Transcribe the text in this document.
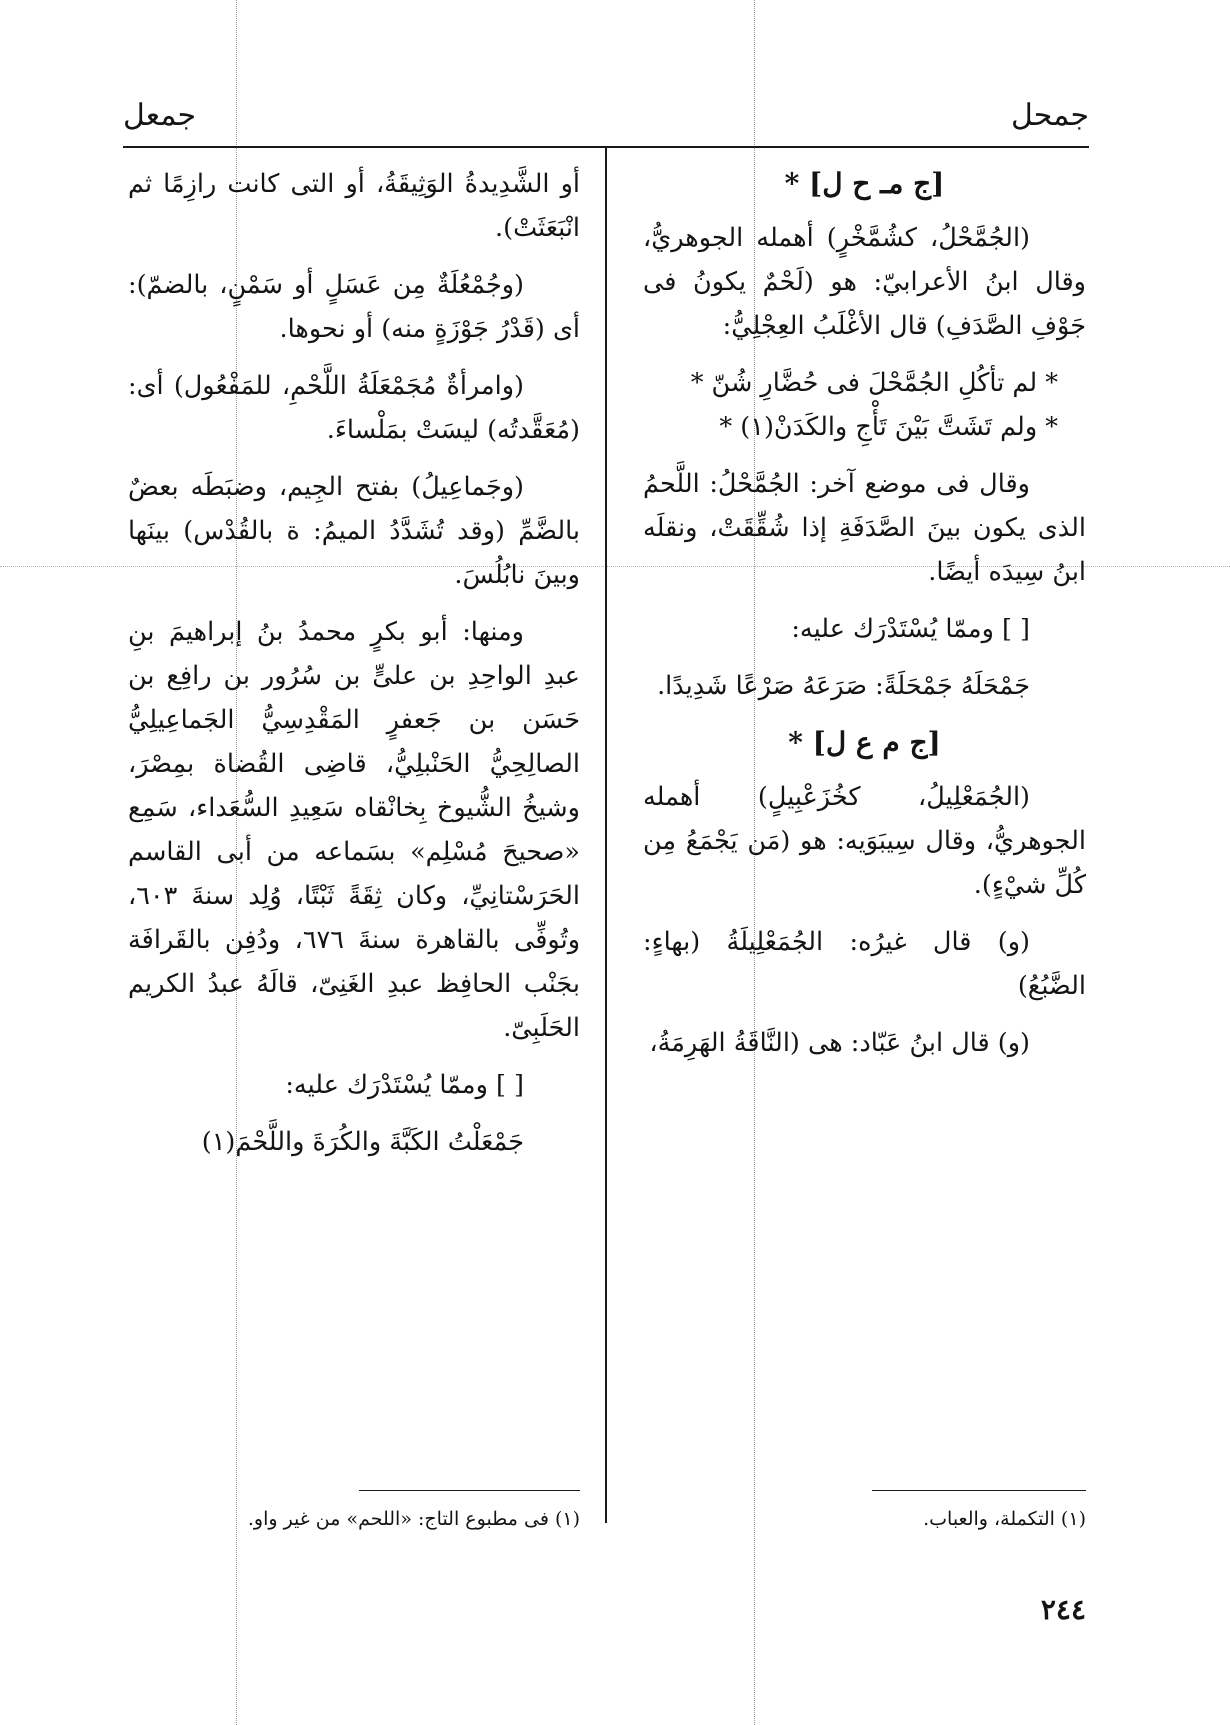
جمحل
جمعل

[ج مـ ح ل] *

(الجُمَّحْلُ، كشُمَّخْرٍ) أهمله الجوهريُّ، وقال ابنُ الأعرابيّ: هو (لَحْمٌ يكونُ فى جَوْفِ الصَّدَفِ) قال الأغْلَبُ العِجْلِيُّ:

* لم تأكُلِ الجُمَّحْلَ فى حُضَّارِ شُنّ *

* ولم تَشَتَّ بَيْنَ تَأْجِ والكَدَنْ(١) *

وقال فى موضع آخر: الجُمَّحْلُ: اللَّحمُ الذى يكون بينَ الصَّدَفَةِ إذا شُقِّقَتْ، ونقلَه ابنُ سِيدَه أيضًا.

[ ] وممّا يُسْتَدْرَك عليه:

جَمْحَلَهُ جَمْحَلَةً: صَرَعَهُ صَرْعًا شَدِيدًا.

[ج م ع ل] *

(الجُمَعْلِيلُ، كخُزَعْبِيلٍ) أهمله الجوهريُّ، وقال سِيبَوَيه: هو (مَن يَجْمَعُ مِن كُلِّ شيْءٍ).

(و) قال غيرُه: الجُمَعْلِيلَةُ (بهاءٍ: الضَّبُعُ)

(و) قال ابنُ عَبّاد: هى (النَّاقَةُ الهَرِمَةُ،

أو الشَّدِيدةُ الوَثِيقَةُ، أو التى كانت رازِمًا ثم انْبَعَثَتْ).

(وجُمْعُلَةٌ مِن عَسَلٍ أو سَمْنٍ، بالضمّ): أى (قَدْرُ جَوْزَةٍ منه) أو نحوها.

(وامرأةٌ مُجَمْعَلَةُ اللَّحْمِ، للمَفْعُول) أى: (مُعَقَّدتُه) ليسَتْ بمَلْساءَ.

(وجَماعِيلُ) بفتح الجِيم، وضبَطَه بعضٌ بالضَّمِّ (وقد تُشَدَّدُ الميمُ: ة بالقُدْس) بينَها وبينَ نابُلُسَ.

ومنها: أبو بكرٍ محمدُ بنُ إبراهيمَ بنِ عبدِ الواحِدِ بن علىٍّ بن سُرُور بن رافِع بن حَسَن بن جَعفرٍ المَقْدِسِيُّ الجَماعِيلِيُّ الصالِحِيُّ الحَنْبلِيُّ، قاضِى القُضاة بمِصْرَ، وشيخُ الشُّيوخ بِخانْقاه سَعِيدِ السُّعَداء، سَمِع «صحيحَ مُسْلِم» بسَماعه من أبى القاسم الحَرَسْتانِيِّ، وكان ثِقَةً ثَبْتًا، وُلِد سنةَ ٦٠٣، وتُوفِّى بالقاهرة سنةَ ٦٧٦، ودُفِن بالقَرافَة بجَنْب الحافِظ عبدِ الغَنِىّ، قالَهُ عبدُ الكريم الحَلَبِىّ.

[ ] وممّا يُسْتَدْرَك عليه:

جَمْعَلْتُ الكَبَّةَ والكُرَةَ واللَّحْمَ(١)

(١) التكملة، والعباب.
(١) فى مطبوع التاج: «اللحم» من غير واو.
٢٤٤
